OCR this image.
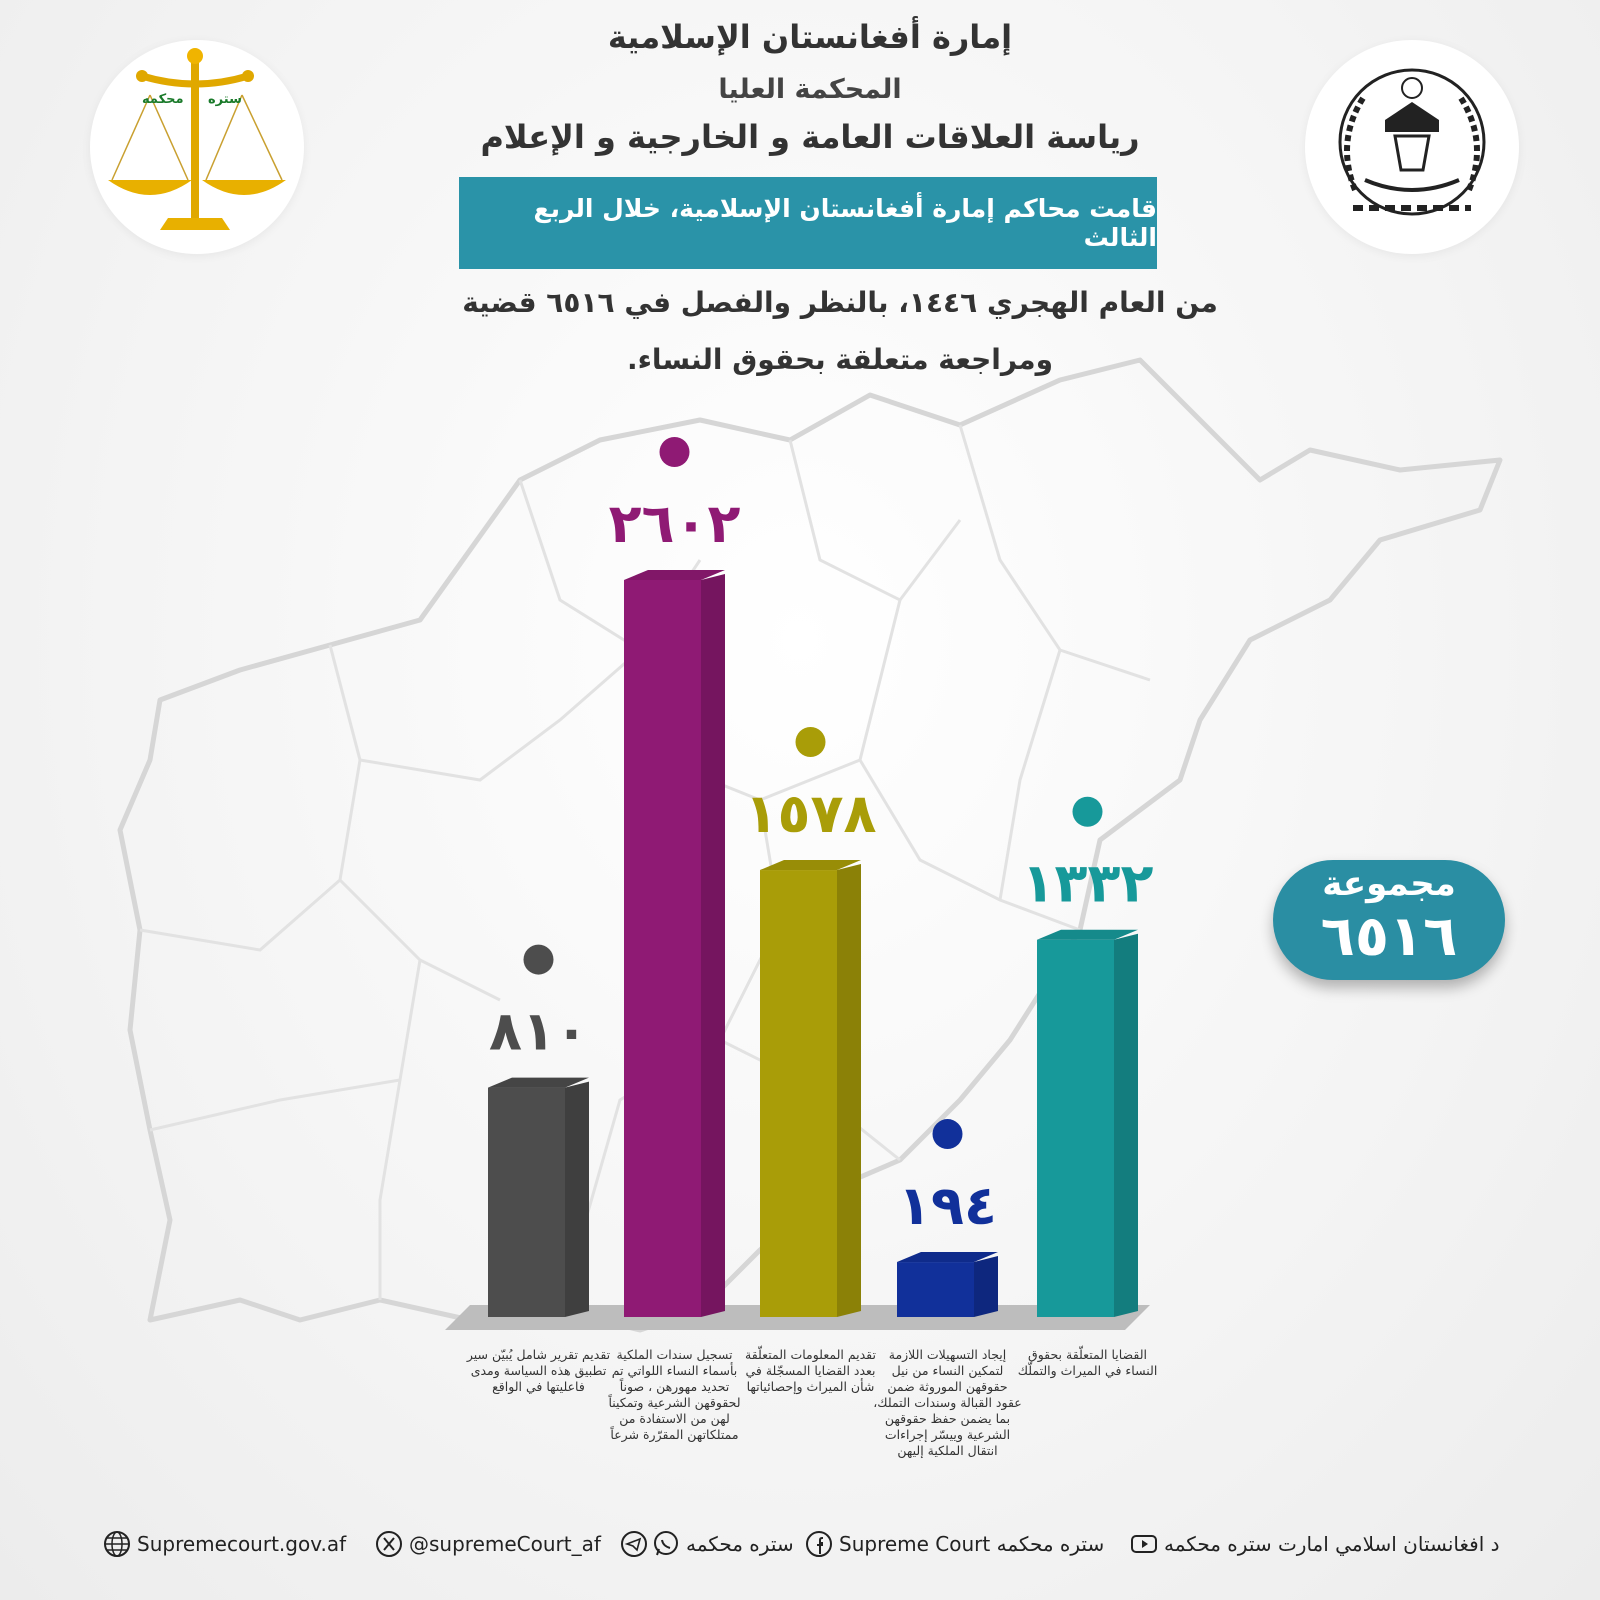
ستره
محکمه
إمارة أفغانستان الإسلامية
المحكمة العليا
رياسة العلاقات العامة و الخارجية و الإعلام
قامت محاكم إمارة أفغانستان الإسلامية، خلال الربع الثالث
من العام الهجري ١٤٤٦، بالنظر والفصل في ٦٥١٦ قضية
ومراجعة متعلقة بحقوق النساء.
٨١٠
٢٦٠٢
١٥٧٨
١٩٤
١٣٣٢
تقديم تقرير شامل يُبيّن سير تطبيق هذه السياسة ومدى فاعليتها في الواقع
تسجيل سندات الملكية بأسماء النساء اللواتي تم تحديد مهورهن ، صوناً لحقوقهن الشرعية وتمكيناً لهن من الاستفادة من ممتلكاتهن المقرّرة شرعاً
تقديم المعلومات المتعلّقة بعدد القضايا المسجّلة في شأن الميراث وإحصائياتها
إيجاد التسهيلات اللازمة لتمكين النساء من نيل حقوقهن الموروثة ضمن عقود القبالة وسندات التملك، بما يضمن حفظ حقوقهن الشرعية وييسّر إجراءات انتقال الملكية إليهن
القضايا المتعلّقة بحقوق النساء في الميراث والتملّك
مجموعة
٦٥١٦
د افغانستان اسلامي امارت ستره محکمه
Supreme Court ستره محکمه
ستره محکمه
@supremeCourt_af
Supremecourt.gov.af
